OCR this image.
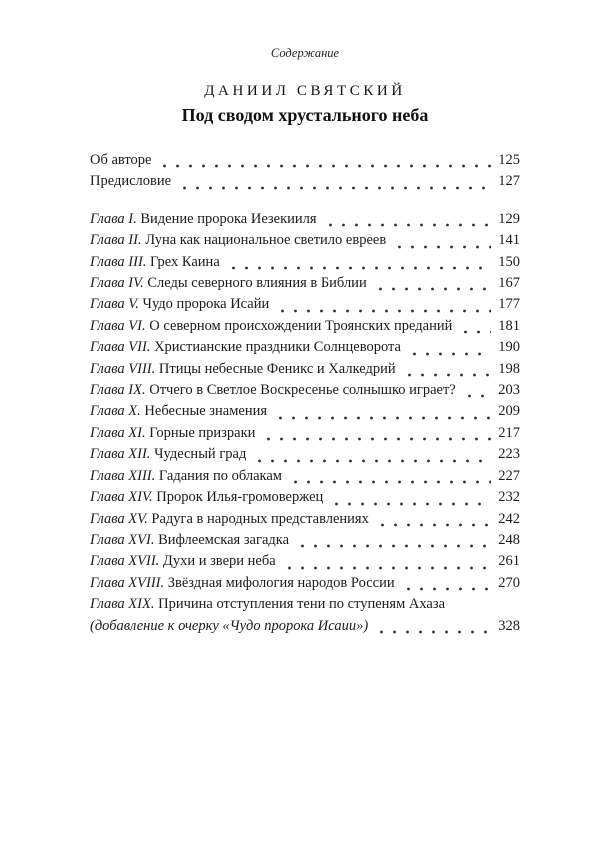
Содержание
ДАНИИЛ СВЯТСКИЙ
Под сводом хрустального неба
Об авторе	125
Предисловие	127
Глава I. Видение пророка Иезекииля	129
Глава II. Луна как национальное светило евреев	141
Глава III. Грех Каина	150
Глава IV. Следы северного влияния в Библии	167
Глава V. Чудо пророка Исайи	177
Глава VI. О северном происхождении Троянских преданий	181
Глава VII. Христианские праздники Солнцеворота	190
Глава VIII. Птицы небесные Феникс и Халкедрий	198
Глава IX. Отчего в Светлое Воскресенье солнышко играет?	203
Глава X. Небесные знамения	209
Глава XI. Горные призраки	217
Глава XII. Чудесный град	223
Глава XIII. Гадания по облакам	227
Глава XIV. Пророк Илья-громовержец	232
Глава XV. Радуга в народных представлениях	242
Глава XVI. Вифлеемская загадка	248
Глава XVII. Духи и звери неба	261
Глава XVIII. Звёздная мифология народов России	270
Глава XIX. Причина отступления тени по ступеням Ахаза
(добавление к очерку «Чудо пророка Исаии»)	328
